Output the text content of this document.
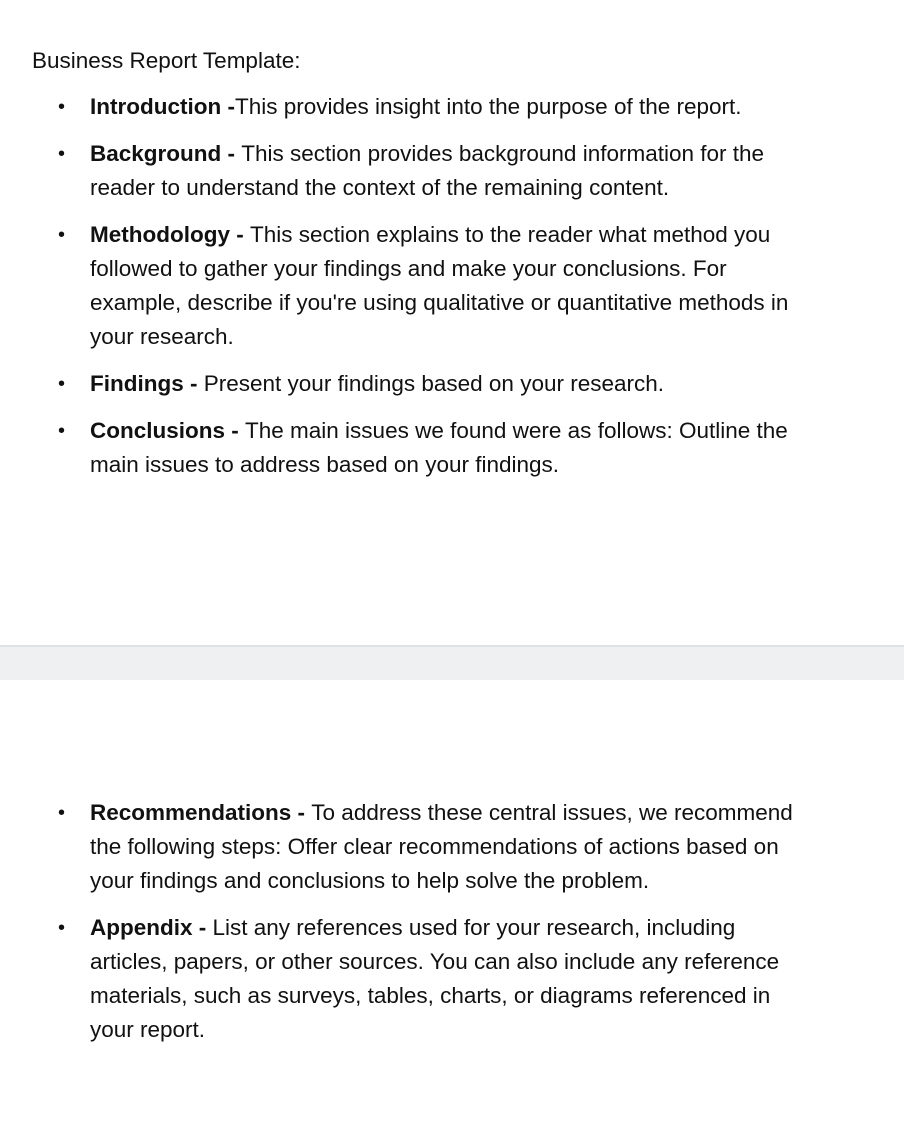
Business Report Template:
• Introduction -This provides insight into the purpose of the report.
• Background - This section provides background information for the reader to understand the context of the remaining content.
• Methodology - This section explains to the reader what method you followed to gather your findings and make your conclusions. For example, describe if you're using qualitative or quantitative methods in your research.
• Findings - Present your findings based on your research.
• Conclusions - The main issues we found were as follows: Outline the main issues to address based on your findings.
• Recommendations - To address these central issues, we recommend the following steps: Offer clear recommendations of actions based on your findings and conclusions to help solve the problem.
• Appendix - List any references used for your research, including articles, papers, or other sources. You can also include any reference materials, such as surveys, tables, charts, or diagrams referenced in your report.
